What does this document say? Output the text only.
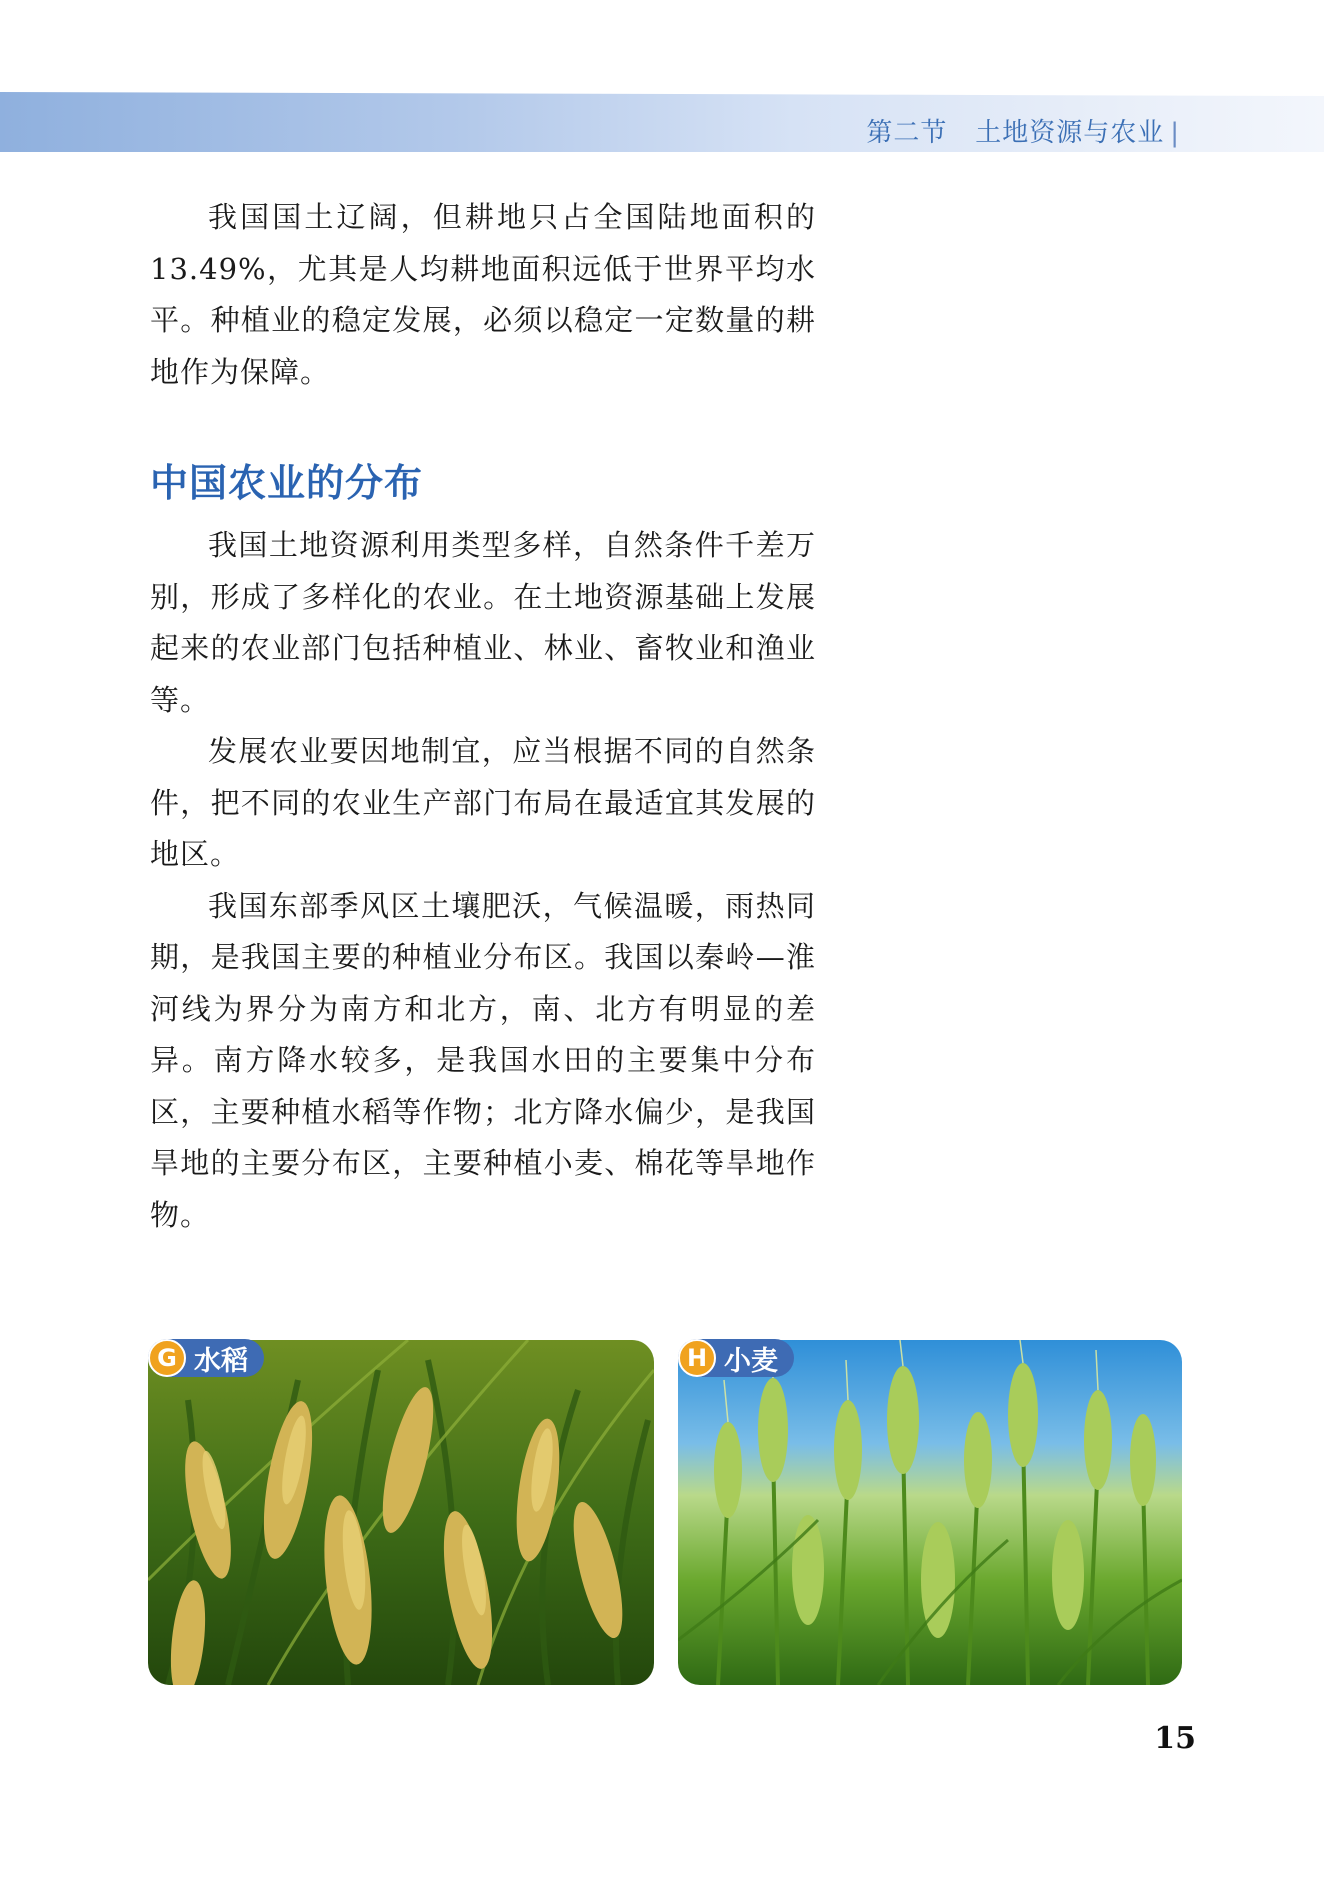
第二节 土地资源与农业 |

我国国土辽阔，但耕地只占全国陆地面积的13.49%，尤其是人均耕地面积远低于世界平均水平。种植业的稳定发展，必须以稳定一定数量的耕地作为保障。

中国农业的分布

我国土地资源利用类型多样，自然条件千差万别，形成了多样化的农业。在土地资源基础上发展起来的农业部门包括种植业、林业、畜牧业和渔业等。

发展农业要因地制宜，应当根据不同的自然条件，把不同的农业生产部门布局在最适宜其发展的地区。

我国东部季风区土壤肥沃，气候温暖，雨热同期，是我国主要的种植业分布区。我国以秦岭—淮河线为界分为南方和北方，南、北方有明显的差异。南方降水较多，是我国水田的主要集中分布区，主要种植水稻等作物；北方降水偏少，是我国旱地的主要分布区，主要种植小麦、棉花等旱地作物。

G 水稻	H 小麦
15
